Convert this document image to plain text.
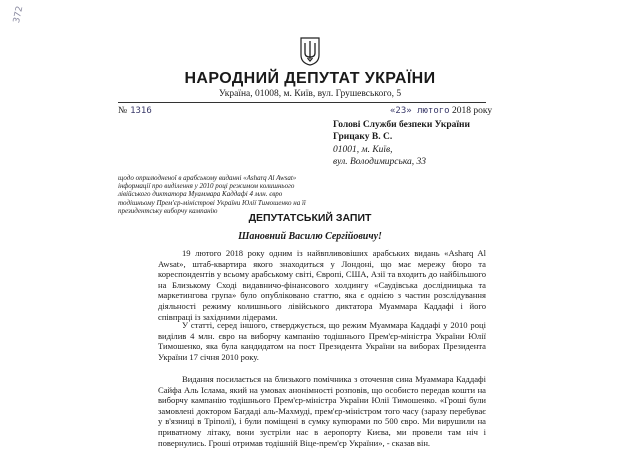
372
НАРОДНИЙ ДЕПУТАТ УКРАЇНИ
Україна, 01008, м. Київ, вул. Грушевського, 5
№ 1316	«23» лютого 2018 року
Голові Служби безпеки України
Грицаку В. С.
01001, м. Київ,
вул. Володимирська, 33
щодо оприлюдненої в арабському виданні «Asharq Al Awsat» інформації про виділення у 2010 році режимом колишнього лівійського диктатора Муаммара Каддафі 4 млн. євро тодішньому Прем'єр-міністрові України Юлії Тимошенко на її президентську виборчу кампанію
ДЕПУТАТСЬКИЙ ЗАПИТ
Шановний Василю Сергійовичу!
19 лютого 2018 року одним із найвпливовіших арабських видань «Asharq Al Awsat», штаб-квартира якого знаходиться у Лондоні, що має мережу бюро та кореспондентів у всьому арабському світі, Європі, США, Азії та входить до найбільшого на Близькому Сході видавничо-фінансового холдингу «Саудівська дослідницька та маркетингова група» було опубліковано статтю, яка є однією з частин розслідування діяльності режиму колишнього лівійського диктатора Муаммара Каддафі і його співпраці із західними лідерами.
У статті, серед іншого, стверджується, що режим Муаммара Каддафі у 2010 році виділив 4 млн. євро на виборчу кампанію тодішнього Прем'єр-міністра України Юлії Тимошенко, яка була кандидатом на пост Президента України на виборах Президента України 17 січня 2010 року.
Видання посилається на близького помічника з оточення сина Муаммара Каддафі Сайфа Аль Іслама, який на умовах анонімності розповів, що особисто передав кошти на виборчу кампанію тодішнього Прем'єр-міністра України Юлії Тимошенко. «Гроші були замовлені доктором Багдаді аль-Махмуді, прем'єр-міністром того часу (заразу перебуває у в'язниці в Тріполі), і були поміщені в сумку купюрами по 500 євро. Ми вирушили на приватному літаку, вони зустріли нас в аеропорту Києва, ми провели там ніч і повернулись. Гроші отримав тодішній Віце-прем'єр України», - сказав він.
